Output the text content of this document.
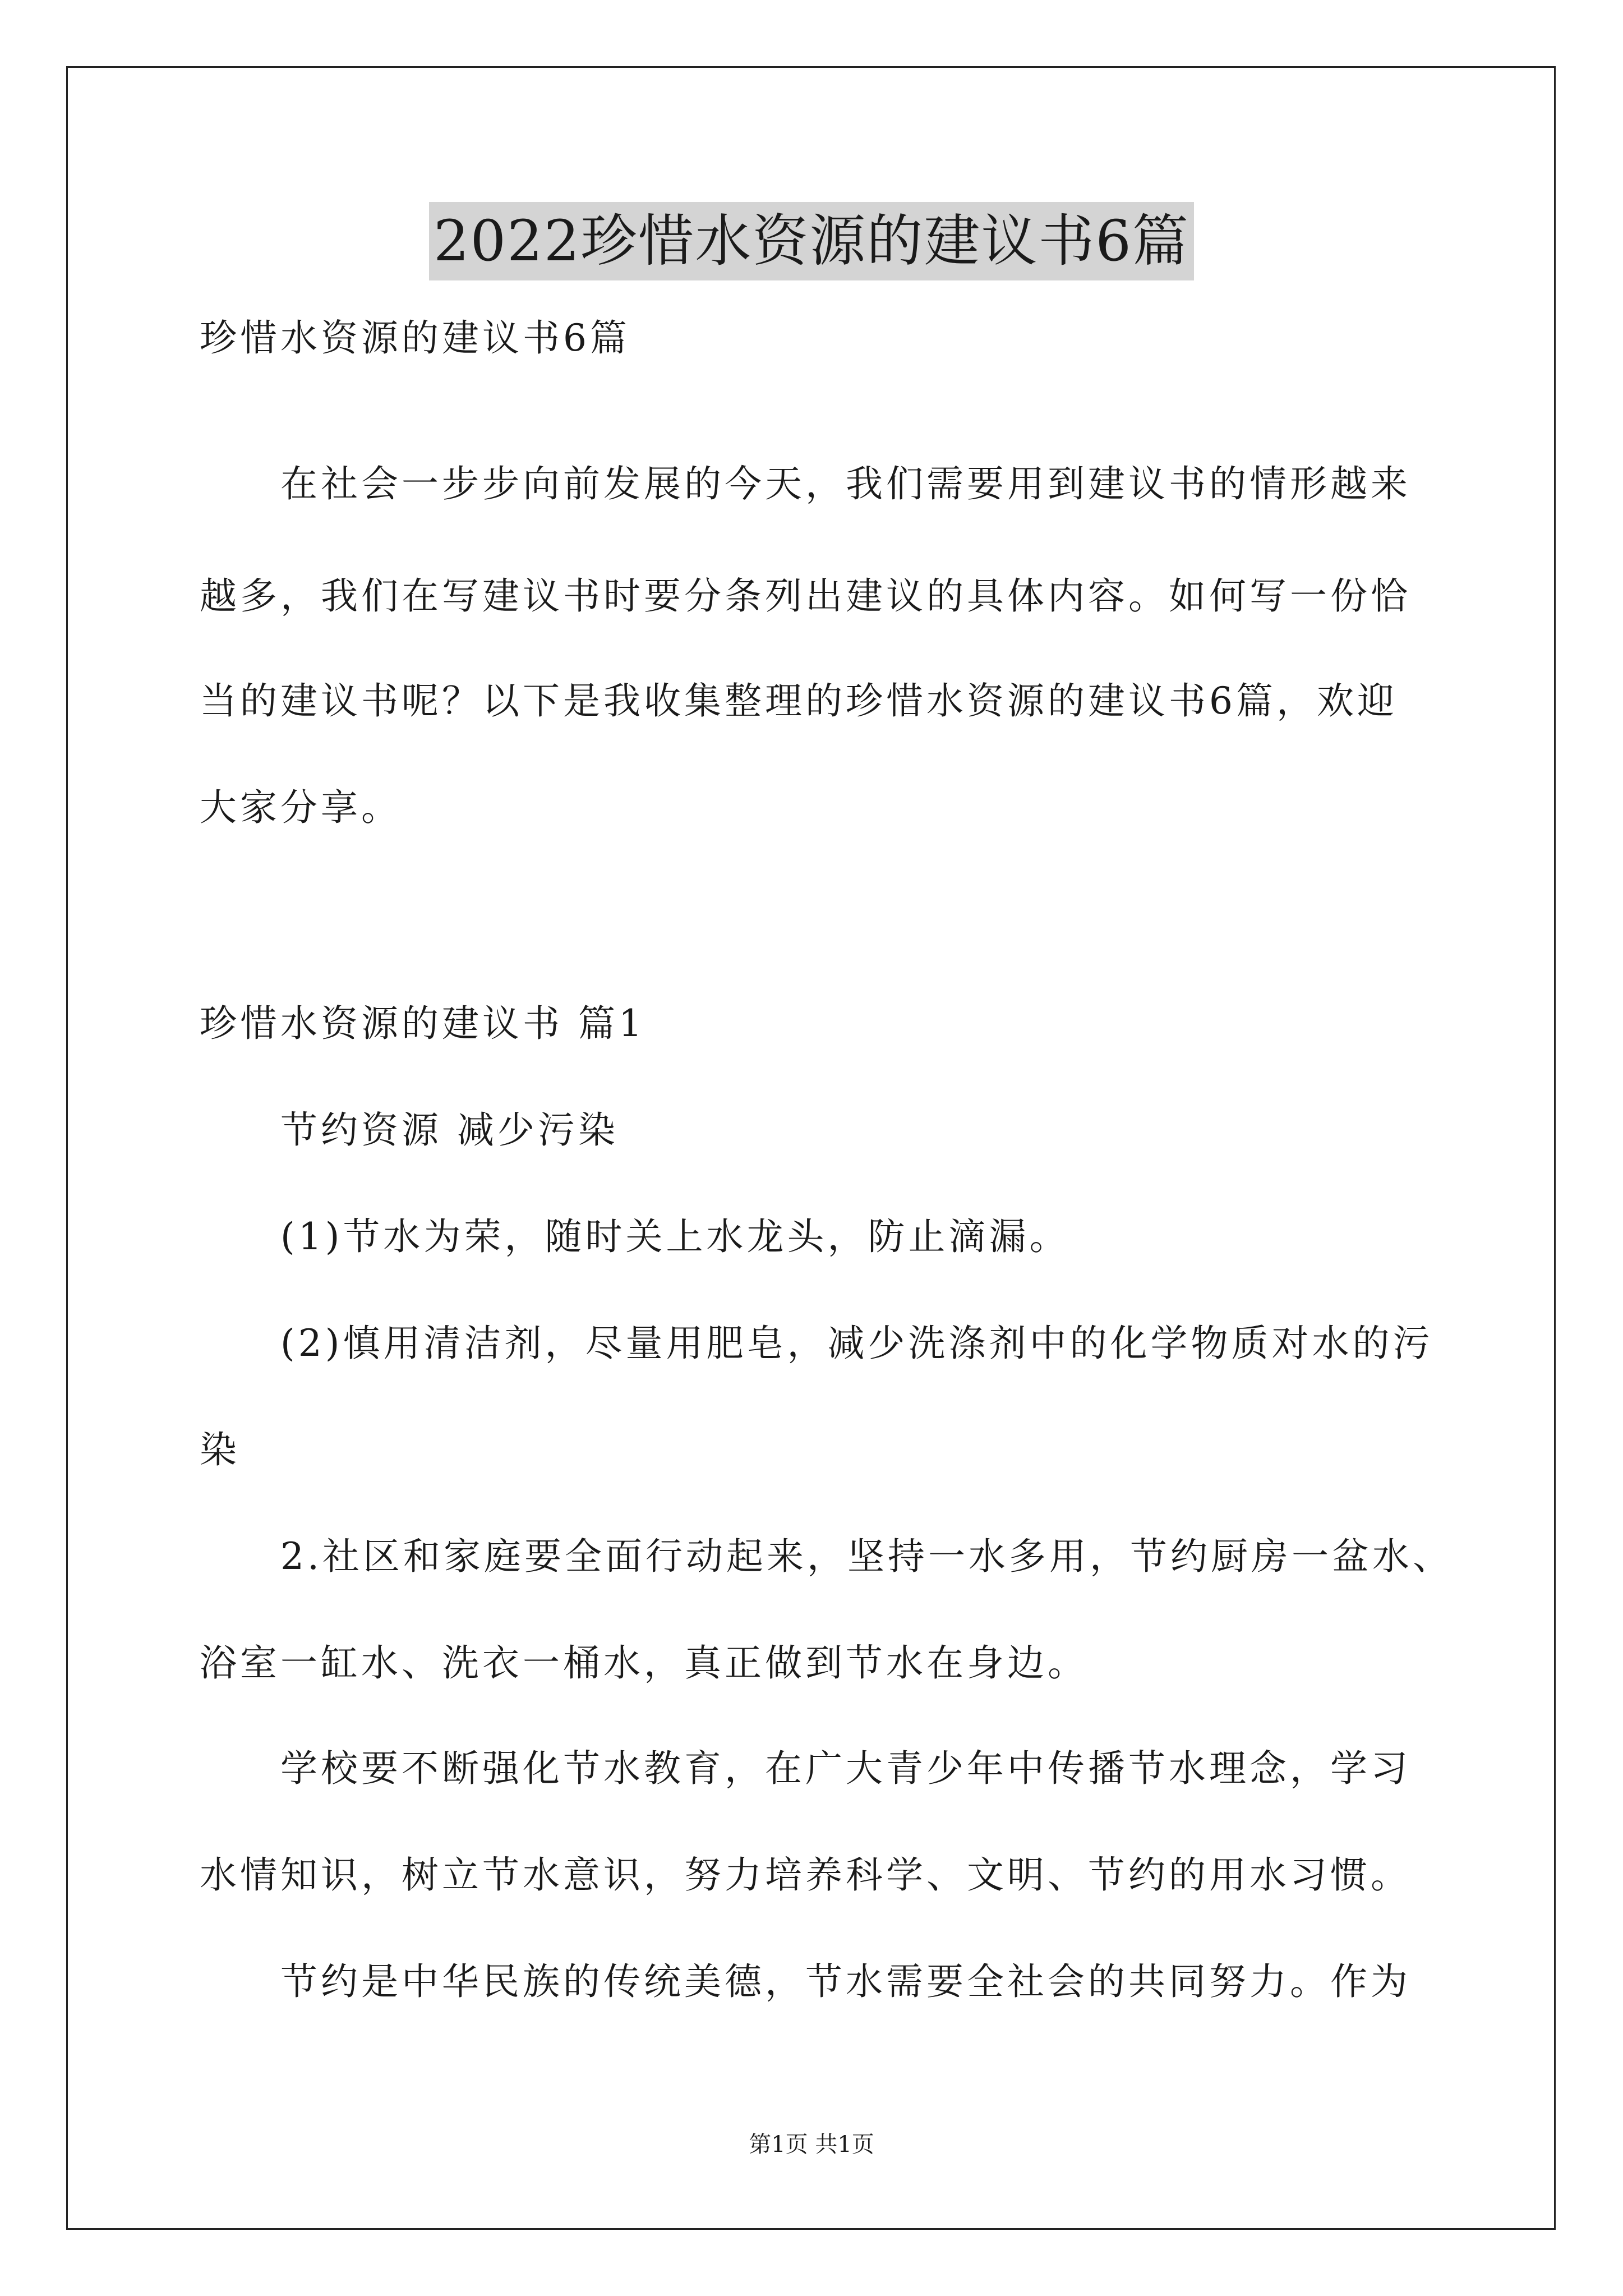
2022珍惜水资源的建议书6篇
珍惜水资源的建议书6篇
在社会一步步向前发展的今天，我们需要用到建议书的情形越来
越多，我们在写建议书时要分条列出建议的具体内容。如何写一份恰
当的建议书呢？以下是我收集整理的珍惜水资源的建议书6篇，欢迎
大家分享。
珍惜水资源的建议书 篇1
节约资源 减少污染
(1)节水为荣，随时关上水龙头，防止滴漏。
(2)慎用清洁剂，尽量用肥皂，减少洗涤剂中的化学物质对水的污
染
2.社区和家庭要全面行动起来，坚持一水多用，节约厨房一盆水、
浴室一缸水、洗衣一桶水，真正做到节水在身边。
学校要不断强化节水教育，在广大青少年中传播节水理念，学习
水情知识，树立节水意识，努力培养科学、文明、节约的用水习惯。
节约是中华民族的传统美德，节水需要全社会的共同努力。作为
第1页 共1页
